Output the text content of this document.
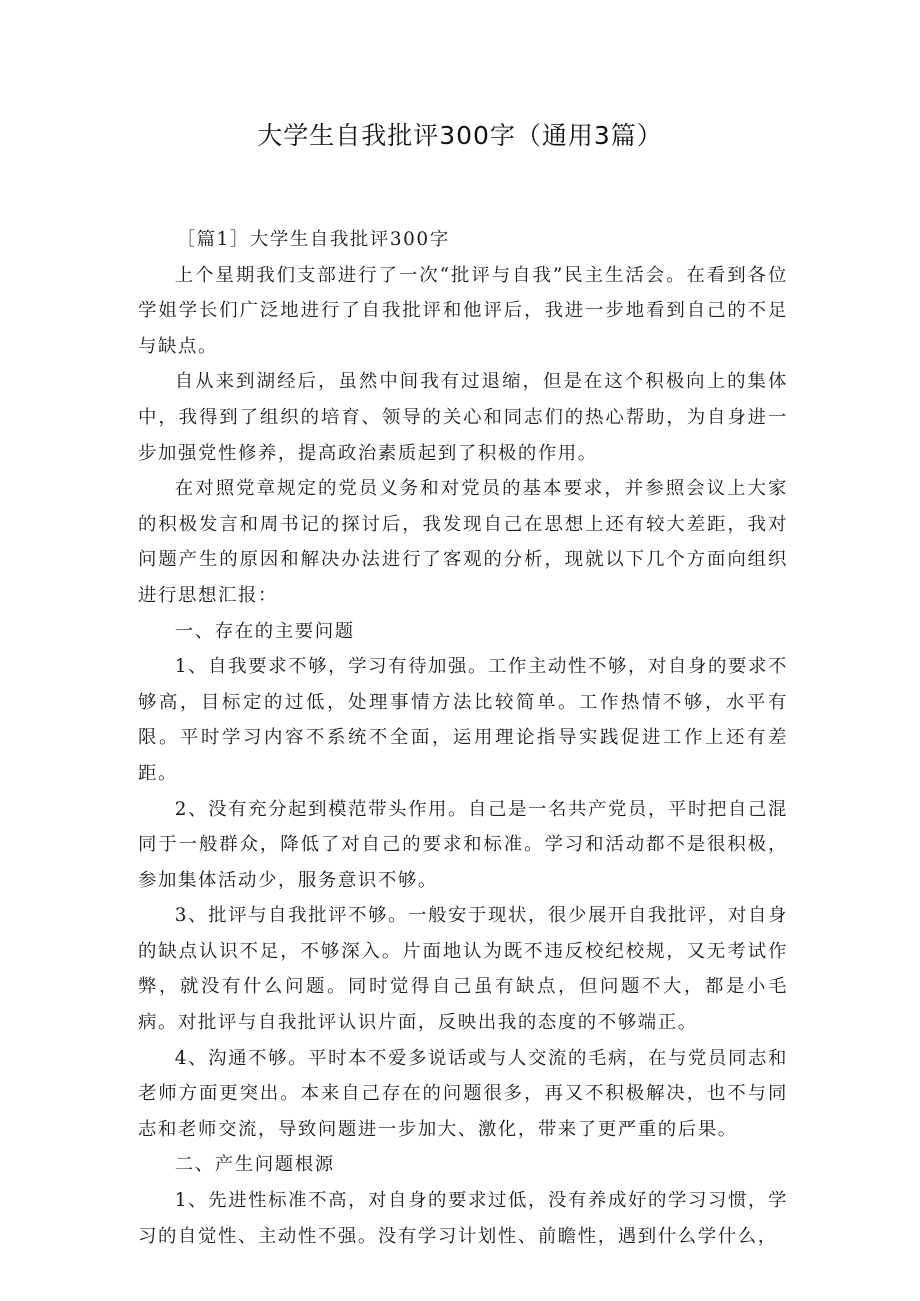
大学生自我批评300字（通用3篇）

［篇1］大学生自我批评300字

上个星期我们支部进行了一次“批评与自我”民主生活会。在看到各位学姐学长们广泛地进行了自我批评和他评后，我进一步地看到自己的不足与缺点。

自从来到湖经后，虽然中间我有过退缩，但是在这个积极向上的集体中，我得到了组织的培育、领导的关心和同志们的热心帮助，为自身进一步加强党性修养，提高政治素质起到了积极的作用。

在对照党章规定的党员义务和对党员的基本要求，并参照会议上大家的积极发言和周书记的探讨后，我发现自己在思想上还有较大差距，我对问题产生的原因和解决办法进行了客观的分析，现就以下几个方面向组织进行思想汇报：

一、存在的主要问题

1、自我要求不够，学习有待加强。工作主动性不够，对自身的要求不够高，目标定的过低，处理事情方法比较简单。工作热情不够，水平有限。平时学习内容不系统不全面，运用理论指导实践促进工作上还有差距。

2、没有充分起到模范带头作用。自己是一名共产党员，平时把自己混同于一般群众，降低了对自己的要求和标准。学习和活动都不是很积极，参加集体活动少，服务意识不够。

3、批评与自我批评不够。一般安于现状，很少展开自我批评，对自身的缺点认识不足，不够深入。片面地认为既不违反校纪校规，又无考试作弊，就没有什么问题。同时觉得自己虽有缺点，但问题不大，都是小毛病。对批评与自我批评认识片面，反映出我的态度的不够端正。

4、沟通不够。平时本不爱多说话或与人交流的毛病，在与党员同志和老师方面更突出。本来自己存在的问题很多，再又不积极解决，也不与同志和老师交流，导致问题进一步加大、激化，带来了更严重的后果。

二、产生问题根源

1、先进性标准不高，对自身的要求过低，没有养成好的学习习惯，学习的自觉性、主动性不强。没有学习计划性、前瞻性，遇到什么学什么，
